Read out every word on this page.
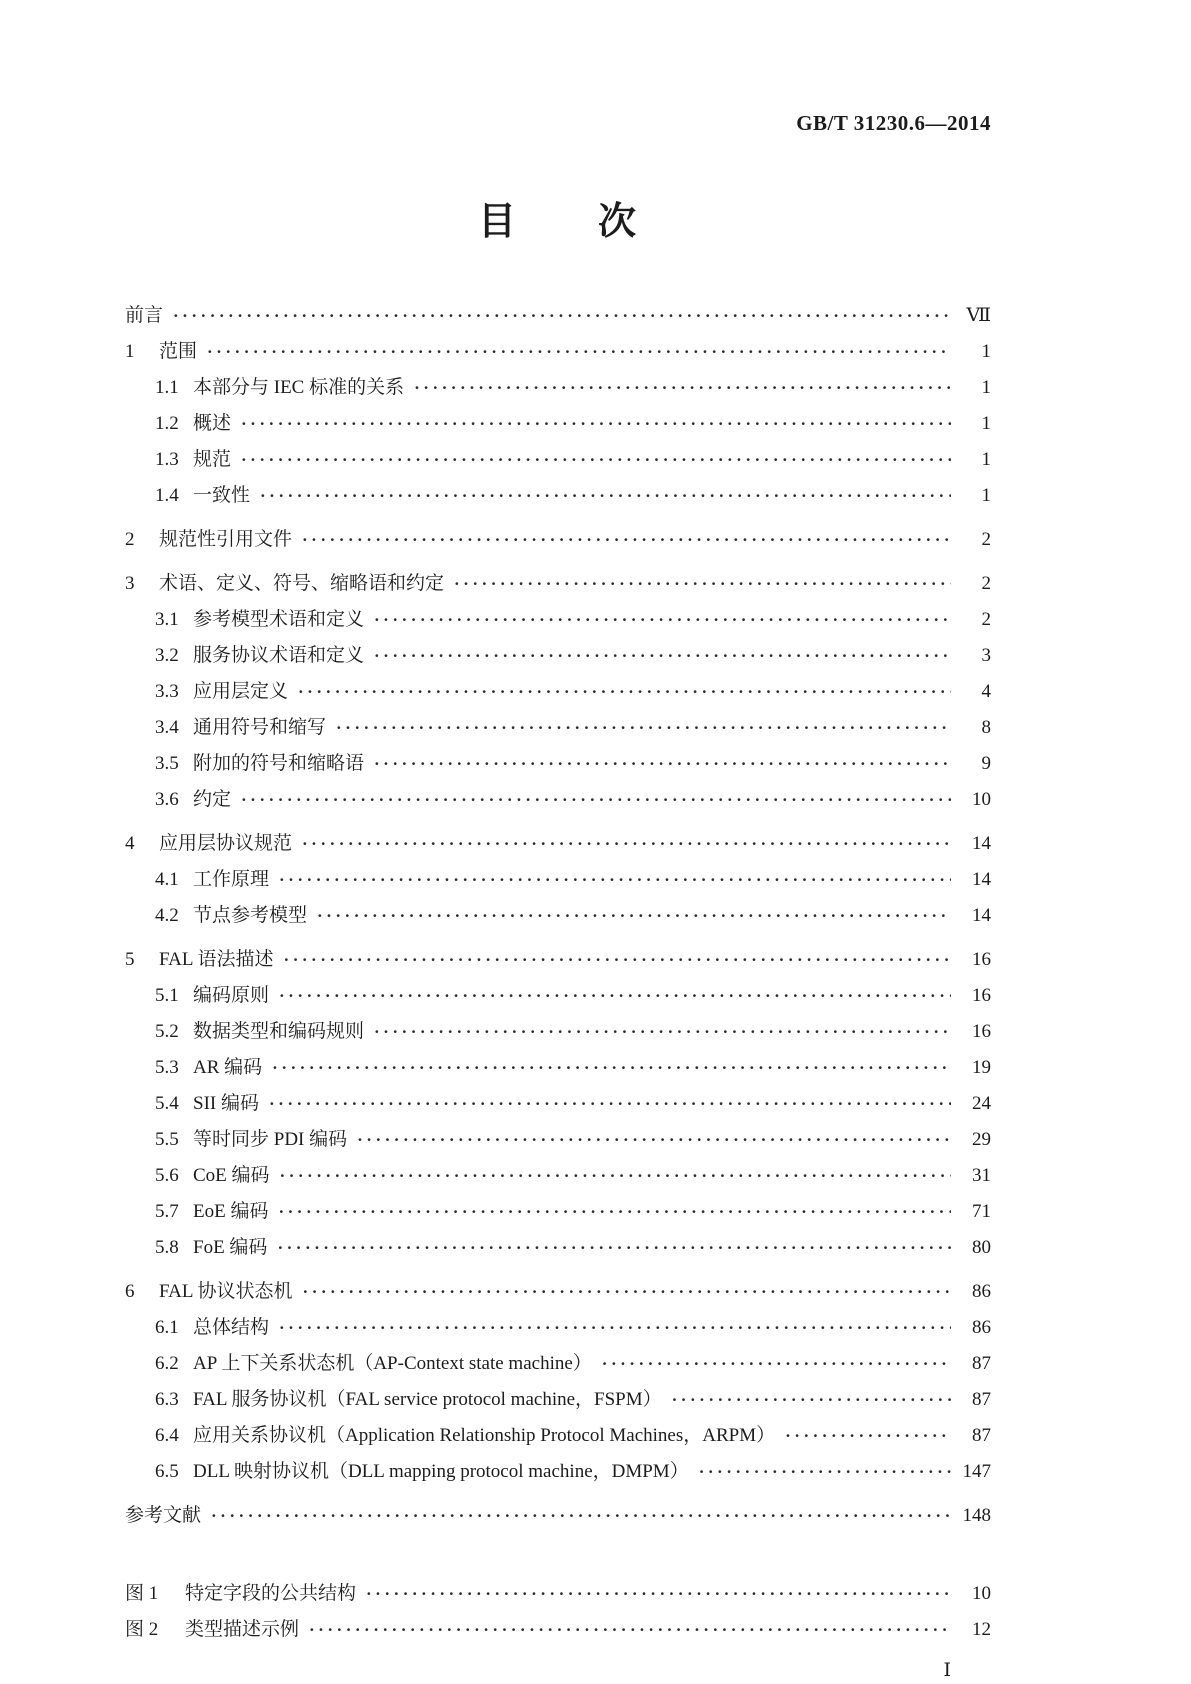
GB/T 31230.6—2014
目　　次
前言 ·····	Ⅶ
1	范围 ·····	1
1.1 本部分与 IEC 标准的关系 ·····	1
1.2 概述 ·····	1
1.3 规范 ·····	1
1.4 一致性 ·····	1
2	规范性引用文件 ·····	2
3	术语、定义、符号、缩略语和约定 ·····	2
3.1 参考模型术语和定义 ·····	2
3.2 服务协议术语和定义 ·····	3
3.3 应用层定义 ·····	4
3.4 通用符号和缩写 ·····	8
3.5 附加的符号和缩略语 ·····	9
3.6 约定 ·····	10
4	应用层协议规范 ·····	14
4.1 工作原理 ·····	14
4.2 节点参考模型 ·····	14
5	FAL 语法描述 ·····	16
5.1 编码原则 ·····	16
5.2 数据类型和编码规则 ·····	16
5.3 AR 编码 ·····	19
5.4 SII 编码 ·····	24
5.5 等时同步 PDI 编码 ·····	29
5.6 CoE 编码 ·····	31
5.7 EoE 编码 ·····	71
5.8 FoE 编码 ·····	80
6	FAL 协议状态机 ·····	86
6.1 总体结构 ·····	86
6.2 AP 上下关系状态机（AP-Context state machine） ·····	87
6.3 FAL 服务协议机（FAL service protocol machine，FSPM） ·····	87
6.4 应用关系协议机（Application Relationship Protocol Machines，ARPM） ·····	87
6.5 DLL 映射协议机（DLL mapping protocol machine，DMPM） ·····	147
参考文献 ·····	148
图 1	特定字段的公共结构 ·····	10
图 2	类型描述示例 ·····	12
Ⅰ
